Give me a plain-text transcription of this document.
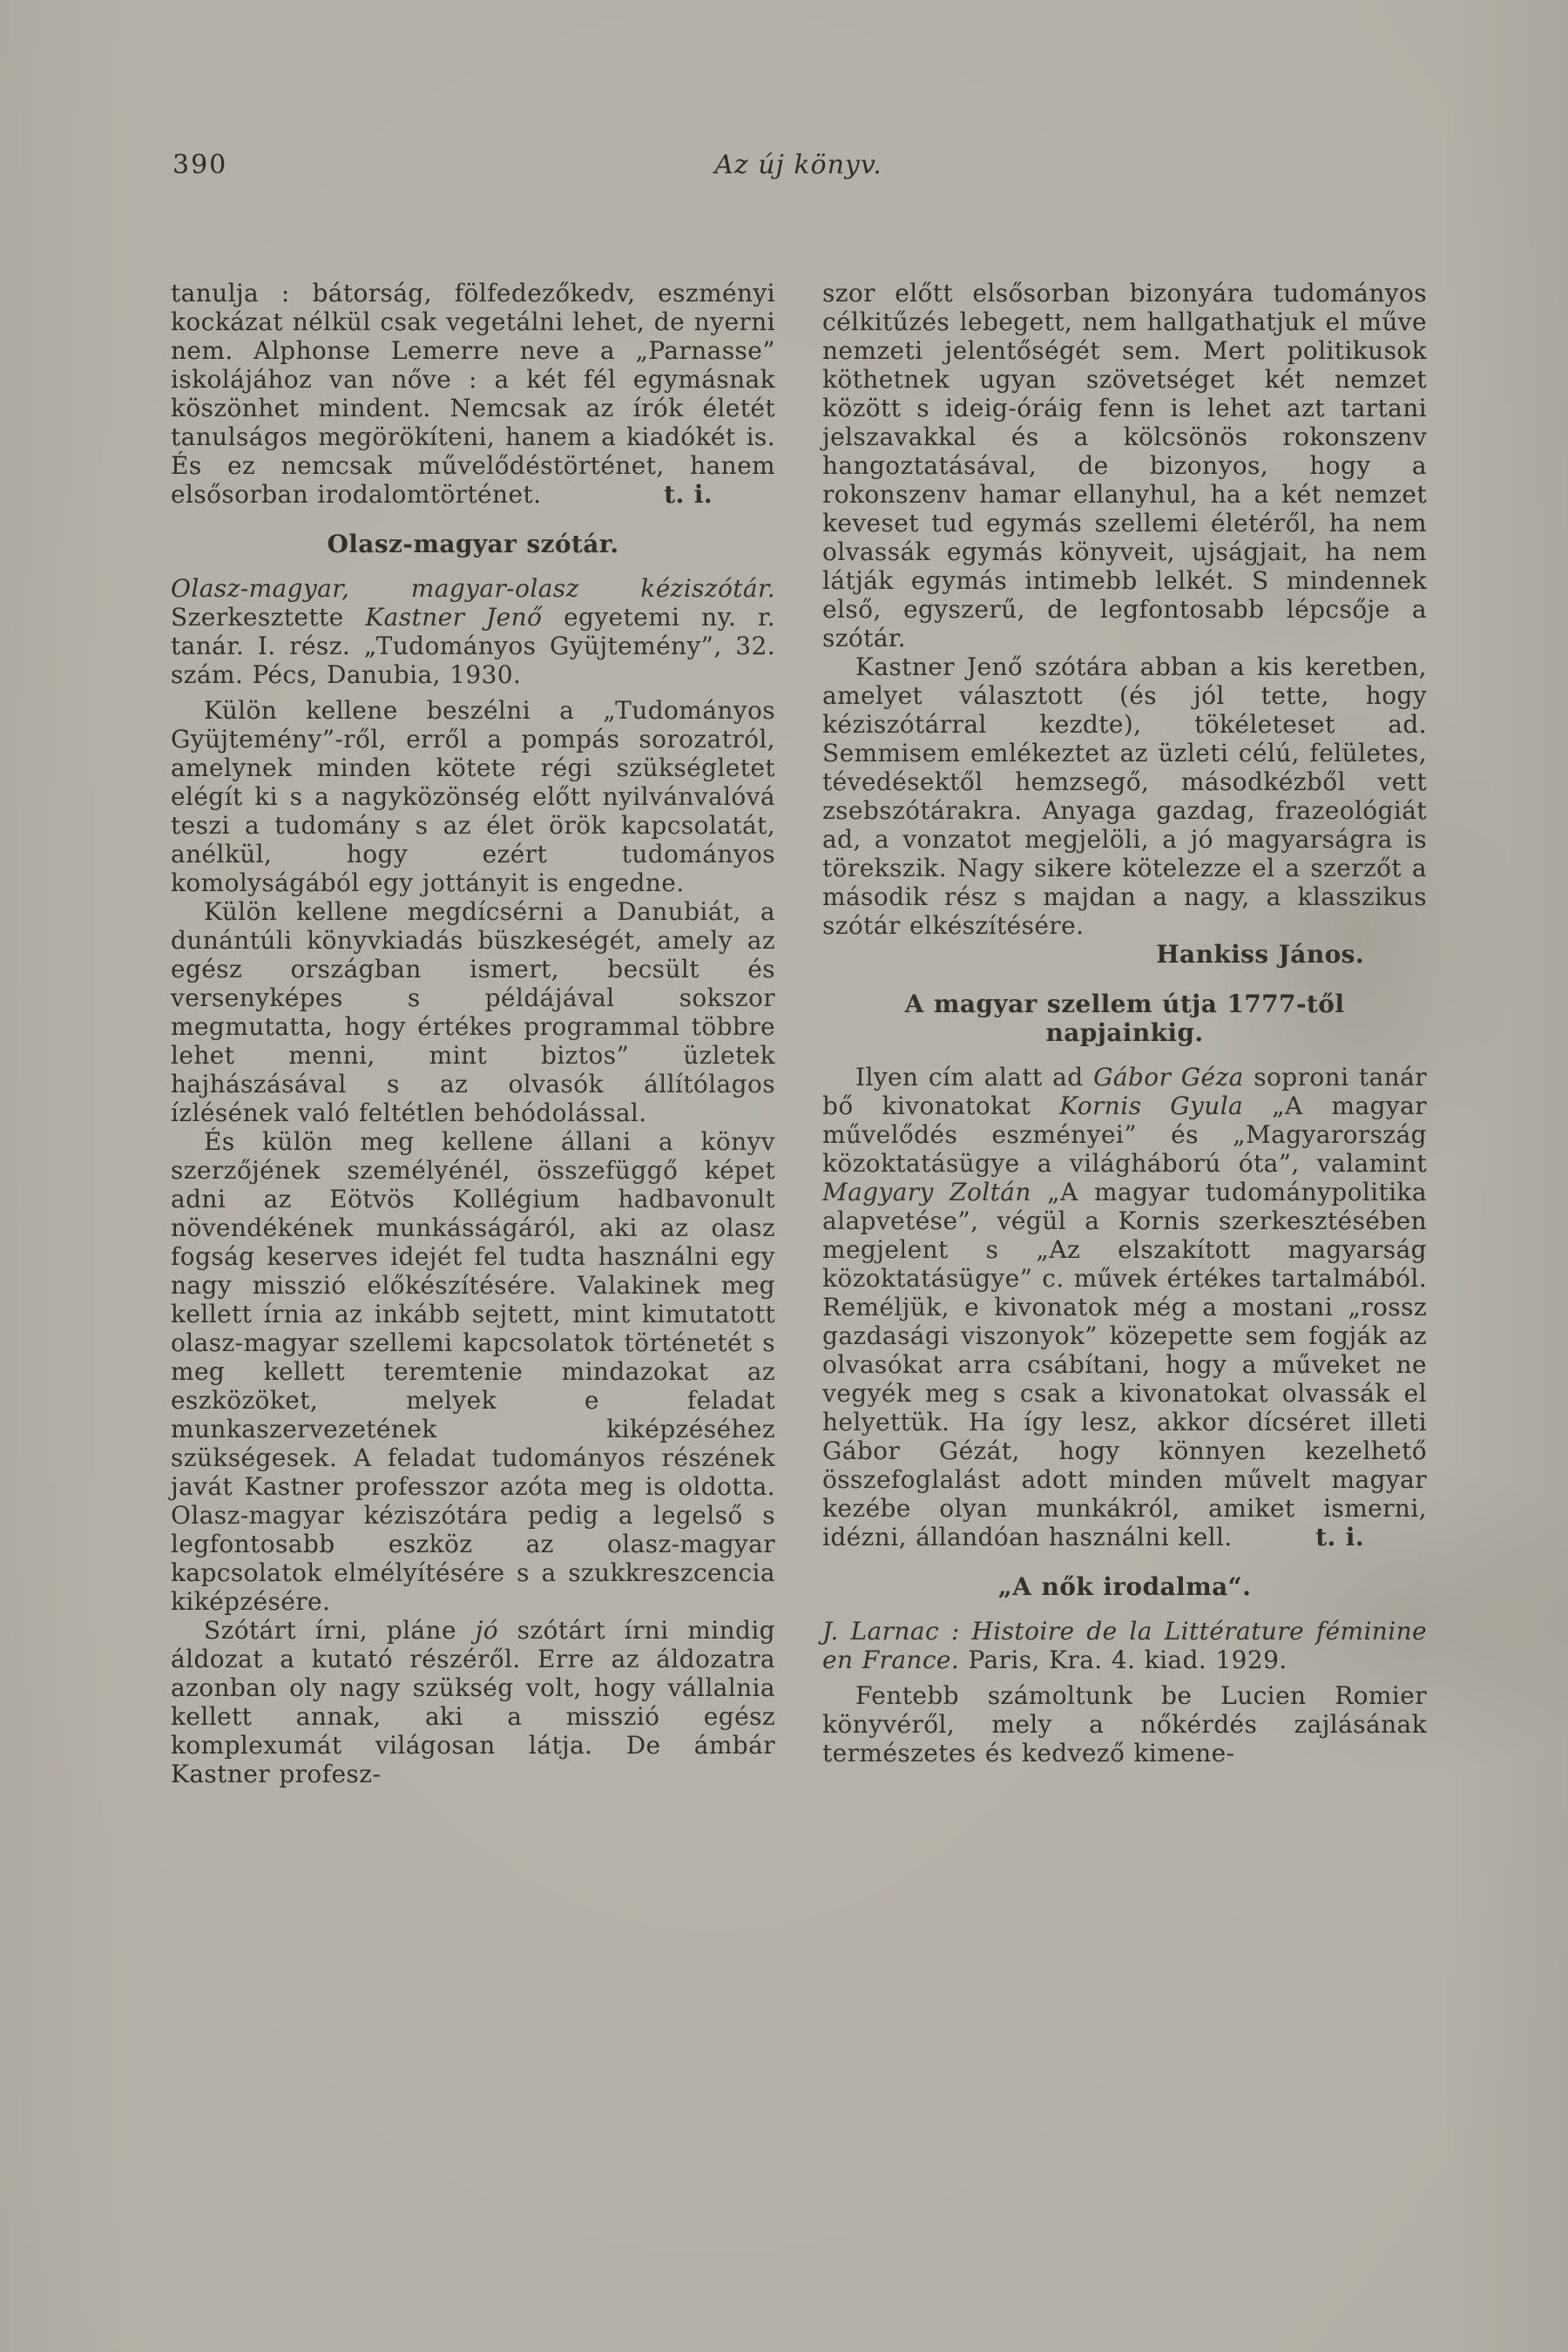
390	Az új könyv.

tanulja : bátorság, fölfedezőkedv, eszményi kockázat nélkül csak vegetálni lehet, de nyerni nem. Alphonse Lemerre neve a „Parnasse” iskolájához van nőve : a két fél egymásnak köszönhet mindent. Nemcsak az írók életét tanulságos megörökíteni, hanem a kiadókét is. És ez nemcsak művelődéstörténet, hanem elsősorban irodalomtörténet.	t. i.
Olasz-magyar szótár.

Olasz-magyar, magyar-olasz kéziszótár. Szerkesztette Kastner Jenő egyetemi ny. r. tanár. I. rész. „Tudományos Gyüjtemény”, 32. szám. Pécs, Danubia, 1930.

Külön kellene beszélni a „Tudományos Gyüjtemény”-ről, erről a pompás sorozatról, amelynek minden kötete régi szükségletet elégít ki s a nagyközönség előtt nyilvánvalóvá teszi a tudomány s az élet örök kapcsolatát, anélkül, hogy ezért tudományos komolyságából egy jottányit is engedne.

Külön kellene megdícsérni a Danubiát, a dunántúli könyvkiadás büszkeségét, amely az egész országban ismert, becsült és versenyképes s példájával sokszor megmutatta, hogy értékes programmal többre lehet menni, mint biztos” üzletek hajhászásával s az olvasók állítólagos ízlésének való feltétlen behódolással.

És külön meg kellene állani a könyv szerzőjének személyénél, összefüggő képet adni az Eötvös Kollégium hadbavonult növendékének munkásságáról, aki az olasz fogság keserves idejét fel tudta használni egy nagy misszió előkészítésére. Valakinek meg kellett írnia az inkább sejtett, mint kimutatott olasz-magyar szellemi kapcsolatok történetét s meg kellett teremtenie mindazokat az eszközöket, melyek e feladat munkaszervezetének kiképzéséhez szükségesek. A feladat tudományos részének javát Kastner professzor azóta meg is oldotta. Olasz-magyar kéziszótára pedig a legelső s legfontosabb eszköz az olasz-magyar kapcsolatok elmélyítésére s a szukkreszcencia kiképzésére.

Szótárt írni, pláne jó szótárt írni mindig áldozat a kutató részéről. Erre az áldozatra azonban oly nagy szükség volt, hogy vállalnia kellett annak, aki a misszió egész komplexumát világosan látja. De ámbár Kastner profesz-

szor előtt elsősorban bizonyára tudományos célkitűzés lebegett, nem hallgathatjuk el műve nemzeti jelentőségét sem. Mert politikusok köthetnek ugyan szövetséget két nemzet között s ideig-óráig fenn is lehet azt tartani jelszavakkal és a kölcsönös rokonszenv hangoztatásával, de bizonyos, hogy a rokonszenv hamar ellanyhul, ha a két nemzet keveset tud egymás szellemi életéről, ha nem olvassák egymás könyveit, ujságjait, ha nem látják egymás intimebb lelkét. S mindennek első, egyszerű, de legfontosabb lépcsője a szótár.

Kastner Jenő szótára abban a kis keretben, amelyet választott (és jól tette, hogy kéziszótárral kezdte), tökéleteset ad. Semmisem emlékeztet az üzleti célú, felületes, tévedésektől hemzsegő, másodkézből vett zsebszótárakra. Anyaga gazdag, frazeológiát ad, a vonzatot megjelöli, a jó magyarságra is törekszik. Nagy sikere kötelezze el a szerzőt a második rész s majdan a nagy, a klasszikus szótár elkészítésére.

Hankiss János.
A magyar szellem útja 1777-től napjainkig.

Ilyen cím alatt ad Gábor Géza soproni tanár bő kivonatokat Kornis Gyula „A magyar művelődés eszményei” és „Magyarország közoktatásügye a világháború óta”, valamint Magyary Zoltán „A magyar tudománypolitika alapvetése”, végül a Kornis szerkesztésében megjelent s „Az elszakított magyarság közoktatásügye” c. művek értékes tartalmából. Reméljük, e kivonatok még a mostani „rossz gazdasági viszonyok” közepette sem fogják az olvasókat arra csábítani, hogy a műveket ne vegyék meg s csak a kivonatokat olvassák el helyettük. Ha így lesz, akkor dícséret illeti Gábor Gézát, hogy könnyen kezelhető összefoglalást adott minden művelt magyar kezébe olyan munkákról, amiket ismerni, idézni, állandóan használni kell.	t. i.
„A nők irodalma“.

J. Larnac : Histoire de la Littérature féminine en France. Paris, Kra. 4. kiad. 1929.

Fentebb számoltunk be Lucien Romier könyvéről, mely a nőkérdés zajlásának természetes és kedvező kimene-
